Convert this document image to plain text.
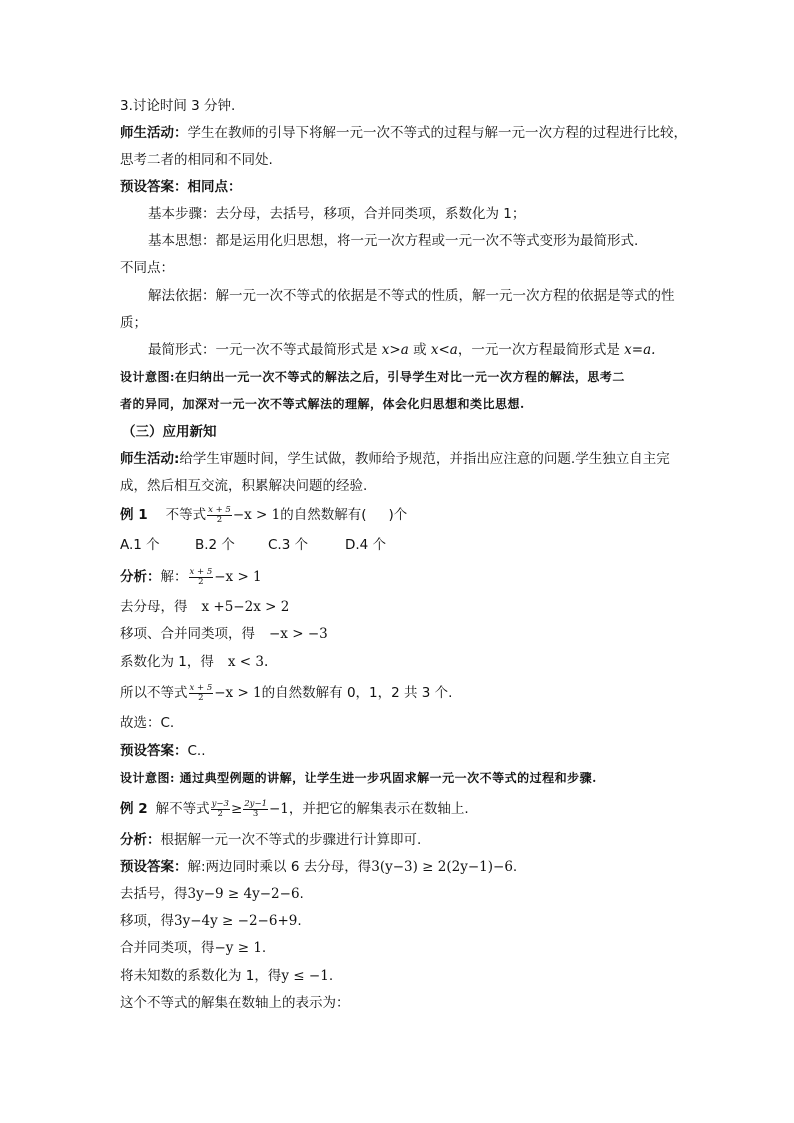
3.讨论时间 3 分钟.
师生活动：学生在教师的引导下将解一元一次不等式的过程与解一元一次方程的过程进行比较，
思考二者的相同和不同处.
预设答案：相同点：
基本步骤：去分母，去括号，移项，合并同类项，系数化为 1；
基本思想：都是运用化归思想，将一元一次方程或一元一次不等式变形为最简形式.
不同点：
解法依据：解一元一次不等式的依据是不等式的性质，解一元一次方程的依据是等式的性
质；
最简形式：一元一次不等式最简形式是 x>a 或 x<a，一元一次方程最简形式是 x=a.
设计意图:在归纳出一元一次不等式的解法之后，引导学生对比一元一次方程的解法，思考二
者的异同，加深对一元一次不等式解法的理解，体会化归思想和类比思想.
（三）应用新知
师生活动:给学生审题时间，学生试做，教师给予规范，并指出应注意的问题.学生独立自主完
成，然后相互交流，积累解决问题的经验.
例 1 不等式 $\frac{x + 5}{2} -x > 1$的自然数解有( )个
A.1 个	B.2 个 C.3 个	D.4 个
分析：解： $\frac{x + 5}{2} -x > 1$
去分母，得 x +5−2x > 2
移项、合并同类项，得 −x > −3
系数化为 1，得 x < 3.
所以不等式 $\frac{x + 5}{2} -x > 1$的自然数解有 0，1，2 共 3 个.
故选：C.
预设答案：C..
设计意图: 通过典型例题的讲解，让学生进一步巩固求解一元一次不等式的过程和步骤.
例 2 解不等式 $\frac{y-3}{2} \ge \frac{2y-1}{3} -1$，并把它的解集表示在数轴上.
分析：根据解一元一次不等式的步骤进行计算即可.
预设答案：解:两边同时乘以 6 去分母，得3(y−3) ≥ 2(2y−1)−6.
去括号，得3y−9 ≥ 4y−2−6.
移项，得3y−4y ≥ −2−6+9.
合并同类项，得−y ≥ 1.
将未知数的系数化为 1，得y ≤ −1.
这个不等式的解集在数轴上的表示为：
